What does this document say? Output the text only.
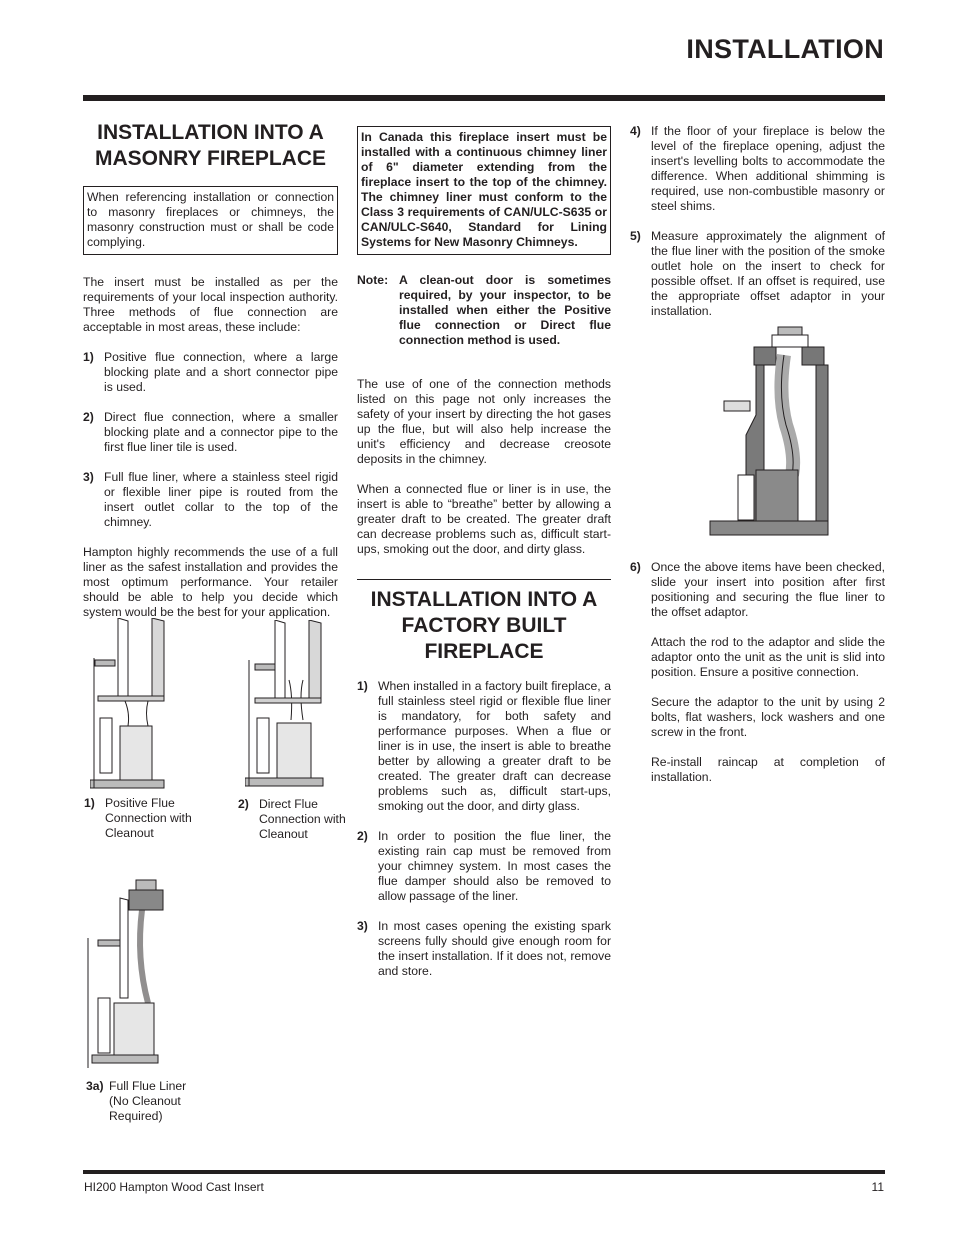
INSTALLATION
INSTALLATION INTO A MASONRY FIREPLACE
When referencing installation or connection to masonry fireplaces or chimneys, the masonry construction must or shall be code complying.

The insert must be installed as per the requirements of your local inspection authority. Three methods of flue connection are acceptable in most areas, these include:

1) Positive flue connection, where a large blocking plate and a short connector pipe is used.
2) Direct flue connection, where a smaller blocking plate and a connector pipe to the first flue liner tile is used.
3) Full flue liner, where a stainless steel rigid or flexible liner pipe is routed from the insert outlet collar to the top of the chimney.

Hampton highly recommends the use of a full liner as the safest installation and provides the most optimum performance. Your retailer should be able to help you decide which system would be the best for your application.

1) Positive Flue Connection with Cleanout
2) Direct Flue Connection with Cleanout
3a) Full Flue Liner (No Cleanout Required)
In Canada this fireplace insert must be installed with a continuous chimney liner of 6" diameter extending from the fireplace insert to the top of the chimney. The chimney liner must conform to the Class 3 requirements of CAN/ULC-S635 or CAN/ULC-S640, Standard for Lining Systems for New Masonry Chimneys.
Note: A clean-out door is sometimes required, by your inspector, to be installed when either the Positive flue connection or Direct flue connection method is used.

The use of one of the connection methods listed on this page not only increases the safety of your insert by directing the hot gases up the flue, but will also help increase the unit's efficiency and decrease creosote deposits in the chimney.

When a connected flue or liner is in use, the insert is able to “breathe” better by allowing a greater draft to be created. The greater draft can decrease problems such as, difficult start-ups, smoking out the door, and dirty glass.

INSTALLATION INTO A FACTORY BUILT FIREPLACE
1) When installed in a factory built fireplace, a full stainless steel rigid or flexible flue liner is mandatory, for both safety and performance purposes. When a flue or liner is in use, the insert is able to breathe better by allowing a greater draft to be created. The greater draft can decrease problems such as, difficult start-ups, smoking out the door, and dirty glass.
2) In order to position the flue liner, the existing rain cap must be removed from your chimney system. In most cases the flue damper should also be removed to allow passage of the liner.
3) In most cases opening the existing spark screens fully should give enough room for the insert installation. If it does not, remove and store.
4) If the floor of your fireplace is below the level of the fireplace opening, adjust the insert's levelling bolts to accommodate the difference. When additional shimming is required, use non-combustible masonry or steel shims.
5) Measure approximately the alignment of the flue liner with the position of the smoke outlet hole on the insert to check for possible offset. If an offset is required, use the appropriate offset adaptor in your installation.
6) Once the above items have been checked, slide your insert into position after first positioning and securing the flue liner to the offset adaptor.

Attach the rod to the adaptor and slide the adaptor onto the unit as the unit is slid into position. Ensure a positive connection.

Secure the adaptor to the unit by using 2 bolts, flat washers, lock washers and one screw in the front.

Re-install raincap at completion of installation.

HI200 Hampton Wood Cast Insert	11
